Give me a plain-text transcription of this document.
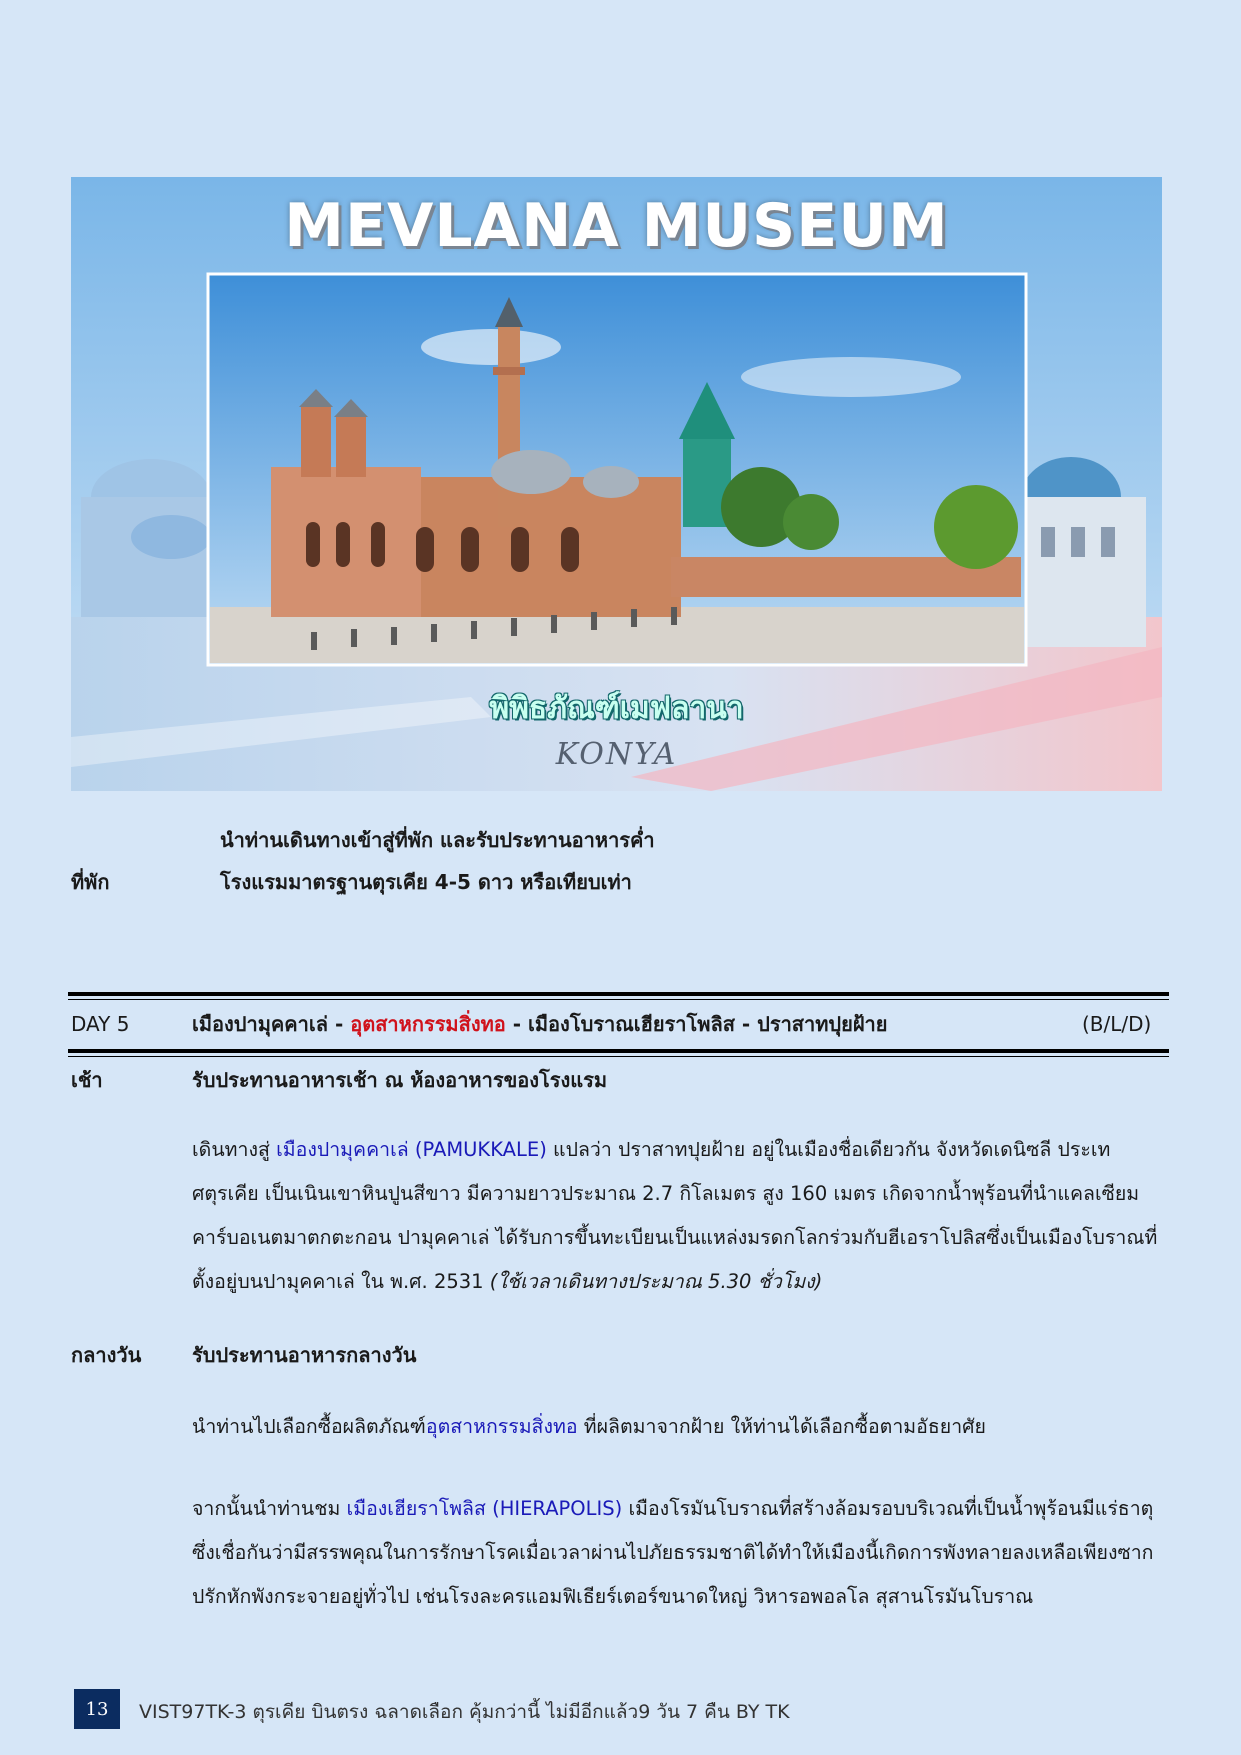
MEVLANA MUSEUM
พิพิธภัณฑ์เมฟลานา
KONYA
นำท่านเดินทางเข้าสู่ที่พัก และรับประทานอาหารค่ำ
ที่พัก	โรงแรมมาตรฐานตุรเคีย 4-5 ดาว หรือเทียบเท่า
DAY 5	เมืองปามุคคาเล่ - อุตสาหกรรมสิ่งทอ - เมืองโบราณเฮียราโพลิส - ปราสาทปุยฝ้าย	(B/L/D)
เช้า	รับประทานอาหารเช้า ณ ห้องอาหารของโรงแรม
เดินทางสู่ เมืองปามุคคาเล่ (PAMUKKALE) แปลว่า ปราสาทปุยฝ้าย อยู่ในเมืองชื่อเดียวกัน จังหวัดเดนิซลี ประเทศตุรเคีย เป็นเนินเขาหินปูนสีขาว มีความยาวประมาณ 2.7 กิโลเมตร สูง 160 เมตร เกิดจากน้ำพุร้อนที่นำแคลเซียมคาร์บอเนตมาตกตะกอน ปามุคคาเล่ ได้รับการขึ้นทะเบียนเป็นแหล่งมรดกโลกร่วมกับฮีเอราโปลิสซึ่งเป็นเมืองโบราณที่ตั้งอยู่บนปามุคคาเล่ ใน พ.ศ. 2531 (ใช้เวลาเดินทางประมาณ 5.30 ชั่วโมง)
กลางวัน	รับประทานอาหารกลางวัน
นำท่านไปเลือกซื้อผลิตภัณฑ์อุตสาหกรรมสิ่งทอ ที่ผลิตมาจากฝ้าย ให้ท่านได้เลือกซื้อตามอัธยาศัย
จากนั้นนำท่านชม เมืองเฮียราโพลิส (HIERAPOLIS) เมืองโรมันโบราณที่สร้างล้อมรอบบริเวณที่เป็นน้ำพุร้อนมีแร่ธาตุซึ่งเชื่อกันว่ามีสรรพคุณในการรักษาโรคเมื่อเวลาผ่านไปภัยธรรมชาติได้ทำให้เมืองนี้เกิดการพังทลายลงเหลือเพียงซากปรักหักพังกระจายอยู่ทั่วไป เช่นโรงละครแอมฟิเธียร์เตอร์ขนาดใหญ่ วิหารอพอลโล สุสานโรมันโบราณ
13	VIST97TK-3 ตุรเคีย บินตรง ฉลาดเลือก คุ้มกว่านี้ ไม่มีอีกแล้ว9 วัน 7 คืน BY TK
